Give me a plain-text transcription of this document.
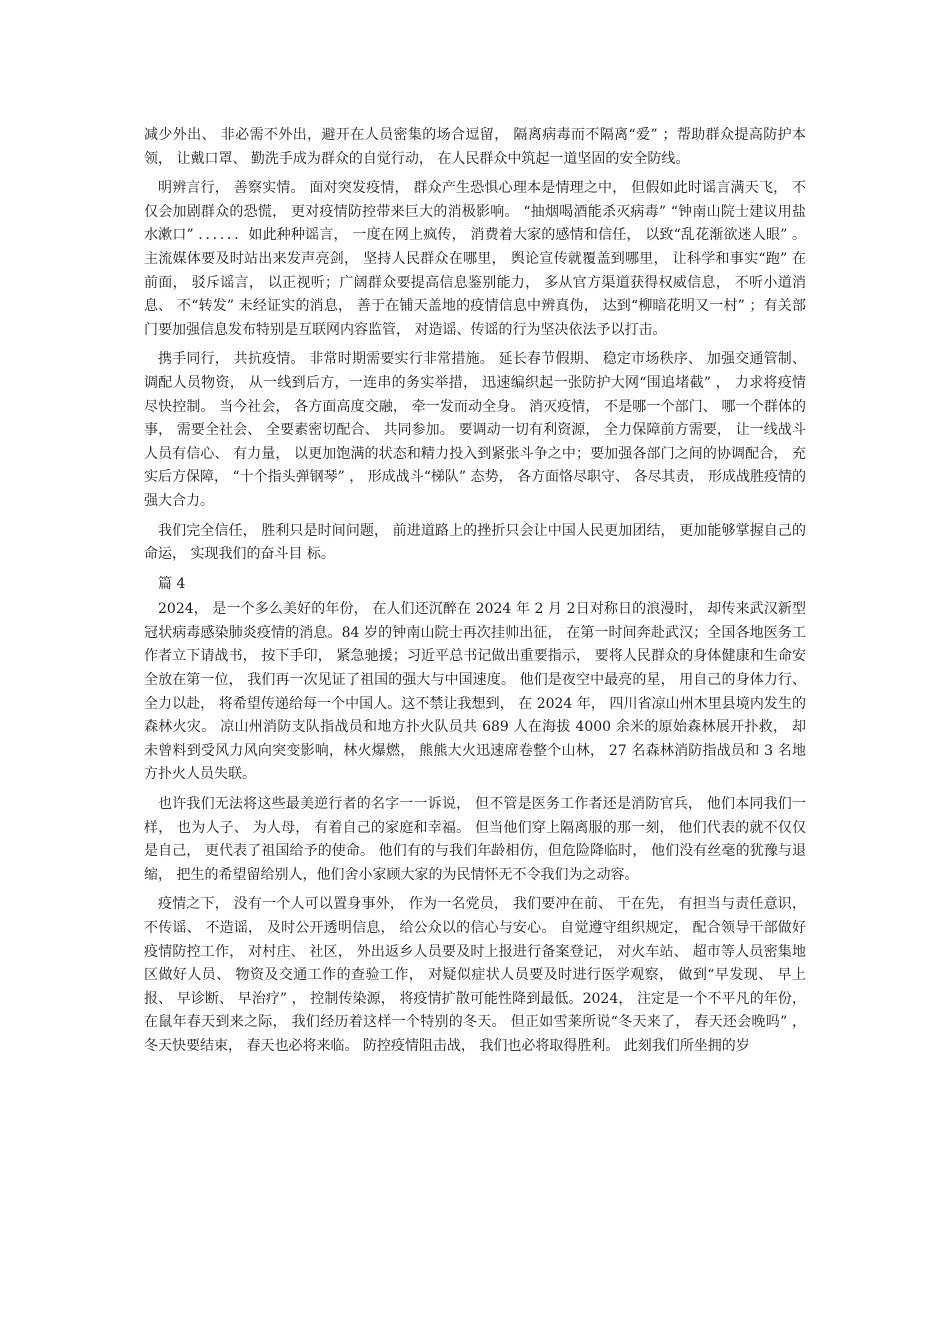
减少外出、 非必需不外出，避开在人员密集的场合逗留， 隔离病毒而不隔离“爱” ；帮助群众提高防护本领， 让戴口罩、 勤洗手成为群众的自觉行动， 在人民群众中筑起一道坚固的安全防线。

明辨言行， 善察实情。 面对突发疫情， 群众产生恐惧心理本是情理之中， 但假如此时谣言满天飞， 不仅会加剧群众的恐慌， 更对疫情防控带来巨大的消极影响。 “抽烟喝酒能杀灭病毒” “钟南山院士建议用盐水漱口” ．．．．．．如此种种谣言， 一度在网上疯传， 消费着大家的感情和信任， 以致“乱花渐欲迷人眼” 。 主流媒体要及时站出来发声亮剑， 坚持人民群众在哪里， 舆论宣传就覆盖到哪里， 让科学和事实“跑” 在前面， 驳斥谣言， 以正视听；广阔群众要提高信息鉴别能力， 多从官方渠道获得权威信息， 不听小道消息、 不“转发” 未经证实的消息， 善于在铺天盖地的疫情信息中辨真伪， 达到“柳暗花明又一村” ；有关部门要加强信息发布特别是互联网内容监管， 对造谣、传谣的行为坚决依法予以打击。

携手同行， 共抗疫情。 非常时期需要实行非常措施。 延长春节假期、 稳定市场秩序、 加强交通管制、 调配人员物资， 从一线到后方，一连串的务实举措， 迅速编织起一张防护大网“围追堵截” ， 力求将疫情尽快控制。 当今社会， 各方面高度交融， 牵一发而动全身。 消灭疫情， 不是哪一个部门、 哪一个群体的事， 需要全社会、 全要素密切配合、 共同参加。 要调动一切有利资源， 全力保障前方需要， 让一线战斗人员有信心、 有力量， 以更加饱满的状态和精力投入到紧张斗争之中；要加强各部门之间的协调配合， 充实后方保障， “十个指头弹钢琴” ， 形成战斗“梯队” 态势， 各方面恪尽职守、 各尽其责， 形成战胜疫情的强大合力。

我们完全信任， 胜利只是时间问题， 前进道路上的挫折只会让中国人民更加团结， 更加能够掌握自己的命运， 实现我们的奋斗目 标。

篇 4

2024， 是一个多么美好的年份， 在人们还沉醉在 2024 年 2 月 2日对称日的浪漫时， 却传来武汉新型冠状病毒感染肺炎疫情的消息。84 岁的钟南山院士再次挂帅出征， 在第一时间奔赴武汉；全国各地医务工作者立下请战书， 按下手印， 紧急驰援；习近平总书记做出重要指示， 要将人民群众的身体健康和生命安全放在第一位， 我们再一次见证了祖国的强大与中国速度。 他们是夜空中最亮的星， 用自己的身体力行、 全力以赴， 将希望传递给每一个中国人。这不禁让我想到， 在 2024 年， 四川省凉山州木里县境内发生的森林火灾。 凉山州消防支队指战员和地方扑火队员共 689 人在海拔 4000 余米的原始森林展开扑救， 却未曾料到受风力风向突变影响，林火爆燃， 熊熊大火迅速席卷整个山林， 27 名森林消防指战员和 3 名地方扑火人员失联。

也许我们无法将这些最美逆行者的名字一一诉说， 但不管是医务工作者还是消防官兵， 他们本同我们一样， 也为人子、 为人母， 有着自己的家庭和幸福。 但当他们穿上隔离服的那一刻， 他们代表的就不仅仅是自己， 更代表了祖国给予的使命。 他们有的与我们年龄相仿，但危险降临时， 他们没有丝毫的犹豫与退缩， 把生的希望留给别人，他们舍小家顾大家的为民情怀无不令我们为之动容。

疫情之下， 没有一个人可以置身事外， 作为一名党员， 我们要冲在前、 干在先， 有担当与责任意识， 不传谣、 不造谣， 及时公开透明信息， 给公众以的信心与安心。 自觉遵守组织规定， 配合领导干部做好疫情防控工作， 对村庄、 社区， 外出返乡人员要及时上报进行备案登记， 对火车站、 超市等人员密集地区做好人员、 物资及交通工作的查验工作， 对疑似症状人员要及时进行医学观察， 做到“早发现、 早上报、 早诊断、 早治疗” ， 控制传染源， 将疫情扩散可能性降到最低。2024， 注定是一个不平凡的年份， 在鼠年春天到来之际， 我们经历着这样一个特别的冬天。 但正如雪莱所说“冬天来了， 春天还会晚吗” ， 冬天快要结束， 春天也必将来临。 防控疫情阻击战， 我们也必将取得胜利。 此刻我们所坐拥的岁
